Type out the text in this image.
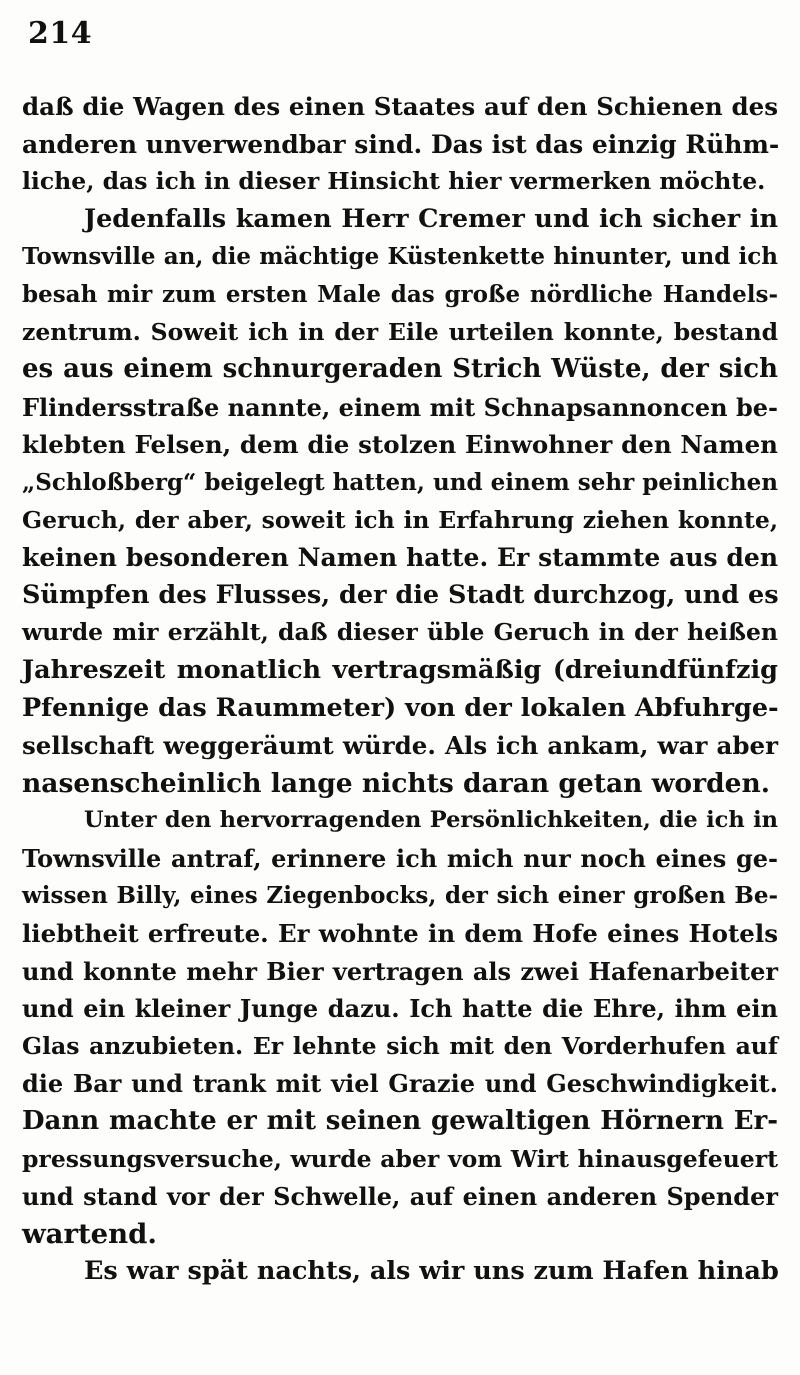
214
daß die Wagen des einen Staates auf den Schienen des
anderen unverwendbar sind. Das ist das einzig Rühm-
liche, das ich in dieser Hinsicht hier vermerken möchte.
Jedenfalls kamen Herr Cremer und ich sicher in
Townsville an, die mächtige Küstenkette hinunter, und ich
besah mir zum ersten Male das große nördliche Handels-
zentrum. Soweit ich in der Eile urteilen konnte, bestand
es aus einem schnurgeraden Strich Wüste, der sich
Flindersstraße nannte, einem mit Schnapsannoncen be-
klebten Felsen, dem die stolzen Einwohner den Namen
„Schloßberg“ beigelegt hatten, und einem sehr peinlichen
Geruch, der aber, soweit ich in Erfahrung ziehen konnte,
keinen besonderen Namen hatte. Er stammte aus den
Sümpfen des Flusses, der die Stadt durchzog, und es
wurde mir erzählt, daß dieser üble Geruch in der heißen
Jahreszeit monatlich vertragsmäßig (dreiundfünfzig
Pfennige das Raummeter) von der lokalen Abfuhrge-
sellschaft weggeräumt würde. Als ich ankam, war aber
nasenscheinlich lange nichts daran getan worden.
Unter den hervorragenden Persönlichkeiten, die ich in
Townsville antraf, erinnere ich mich nur noch eines ge-
wissen Billy, eines Ziegenbocks, der sich einer großen Be-
liebtheit erfreute. Er wohnte in dem Hofe eines Hotels
und konnte mehr Bier vertragen als zwei Hafenarbeiter
und ein kleiner Junge dazu. Ich hatte die Ehre, ihm ein
Glas anzubieten. Er lehnte sich mit den Vorderhufen auf
die Bar und trank mit viel Grazie und Geschwindigkeit.
Dann machte er mit seinen gewaltigen Hörnern Er-
pressungsversuche, wurde aber vom Wirt hinausgefeuert
und stand vor der Schwelle, auf einen anderen Spender
wartend.
Es war spät nachts, als wir uns zum Hafen hinab
